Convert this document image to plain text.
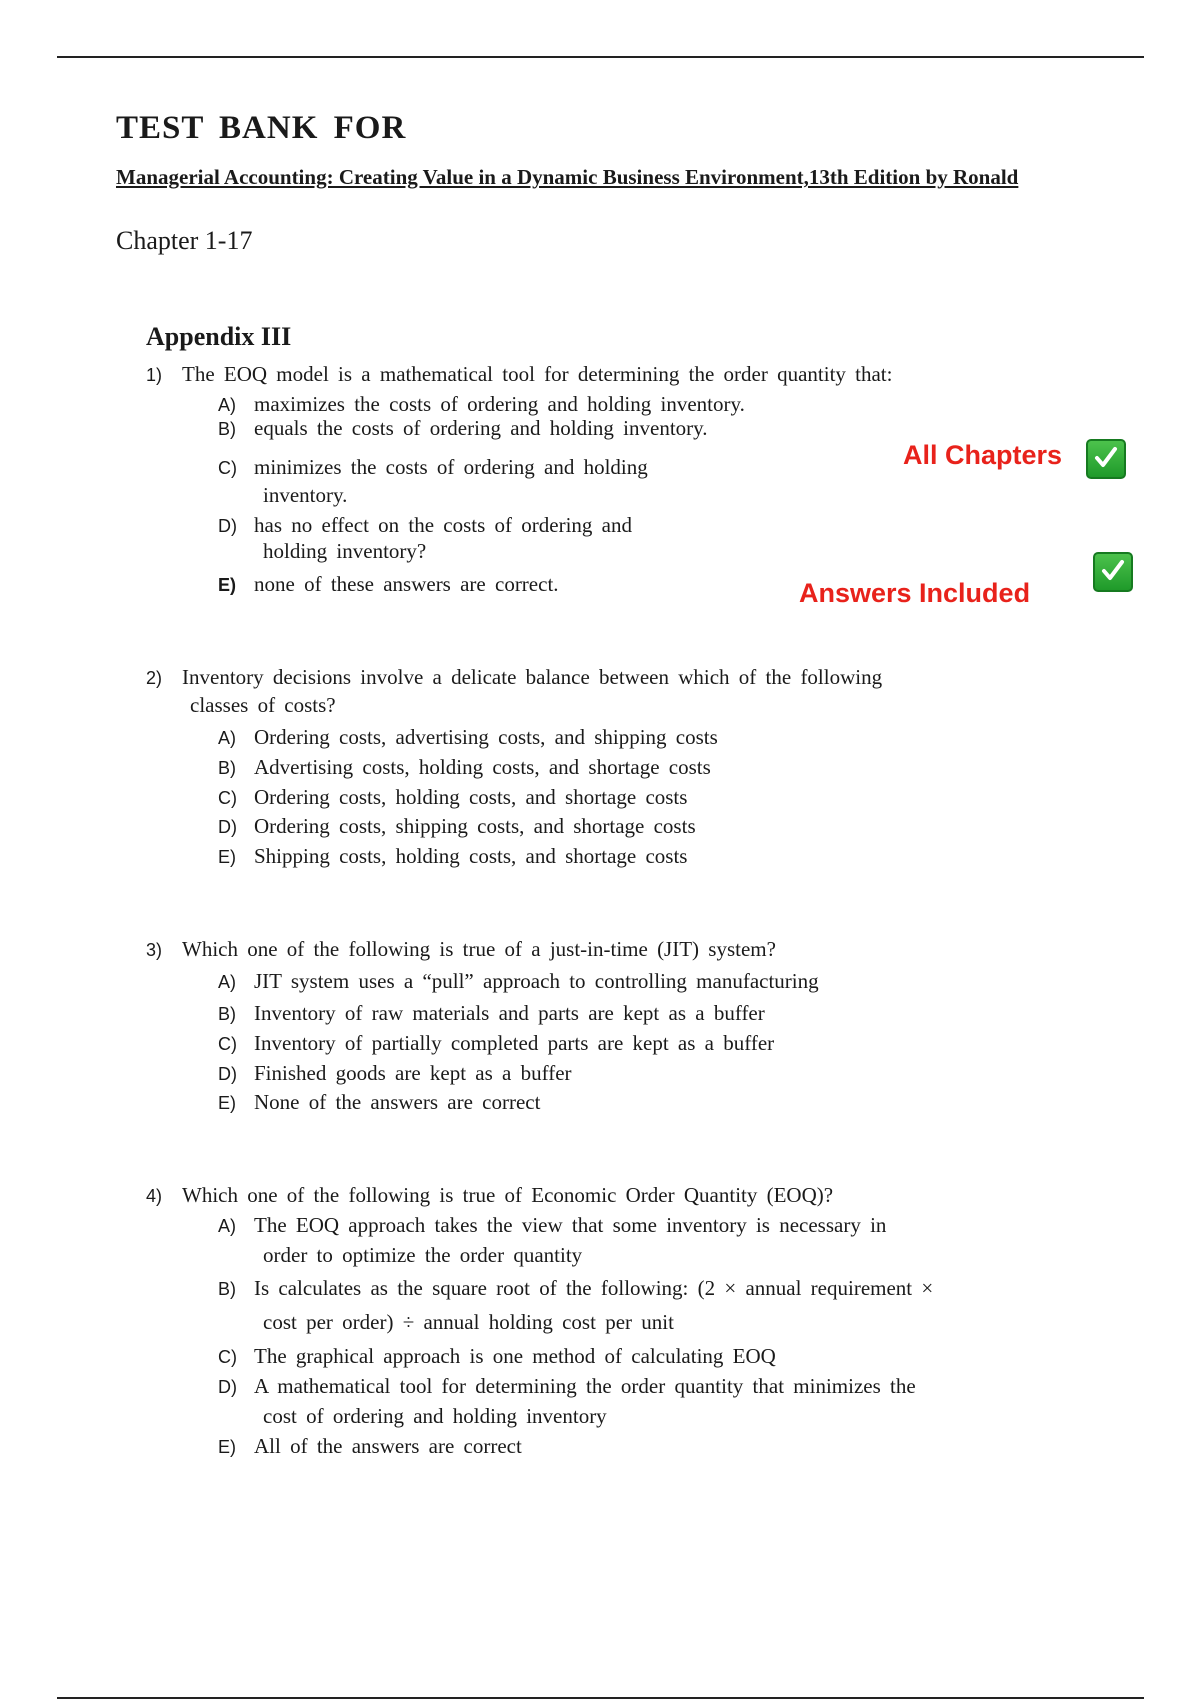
TEST BANK FOR
Managerial Accounting: Creating Value in a Dynamic Business Environment,13th Edition by Ronald
Chapter 1-17
Appendix III
All Chapters
Answers Included
1) The EOQ model is a mathematical tool for determining the order quantity that:
A) maximizes the costs of ordering and holding inventory.
B) equals the costs of ordering and holding inventory.
C) minimizes the costs of ordering and holding
inventory.
D) has no effect on the costs of ordering and
holding inventory?
E) none of these answers are correct.
2) Inventory decisions involve a delicate balance between which of the following
classes of costs?
A) Ordering costs, advertising costs, and shipping costs
B) Advertising costs, holding costs, and shortage costs
C) Ordering costs, holding costs, and shortage costs
D) Ordering costs, shipping costs, and shortage costs
E) Shipping costs, holding costs, and shortage costs
3) Which one of the following is true of a just-in-time (JIT) system?
A) JIT system uses a “pull” approach to controlling manufacturing
B) Inventory of raw materials and parts are kept as a buffer
C) Inventory of partially completed parts are kept as a buffer
D) Finished goods are kept as a buffer
E) None of the answers are correct
4) Which one of the following is true of Economic Order Quantity (EOQ)?
A) The EOQ approach takes the view that some inventory is necessary in
order to optimize the order quantity
B) Is calculates as the square root of the following: (2 × annual requirement ×
cost per order) ÷ annual holding cost per unit
C) The graphical approach is one method of calculating EOQ
D) A mathematical tool for determining the order quantity that minimizes the
cost of ordering and holding inventory
E) All of the answers are correct
